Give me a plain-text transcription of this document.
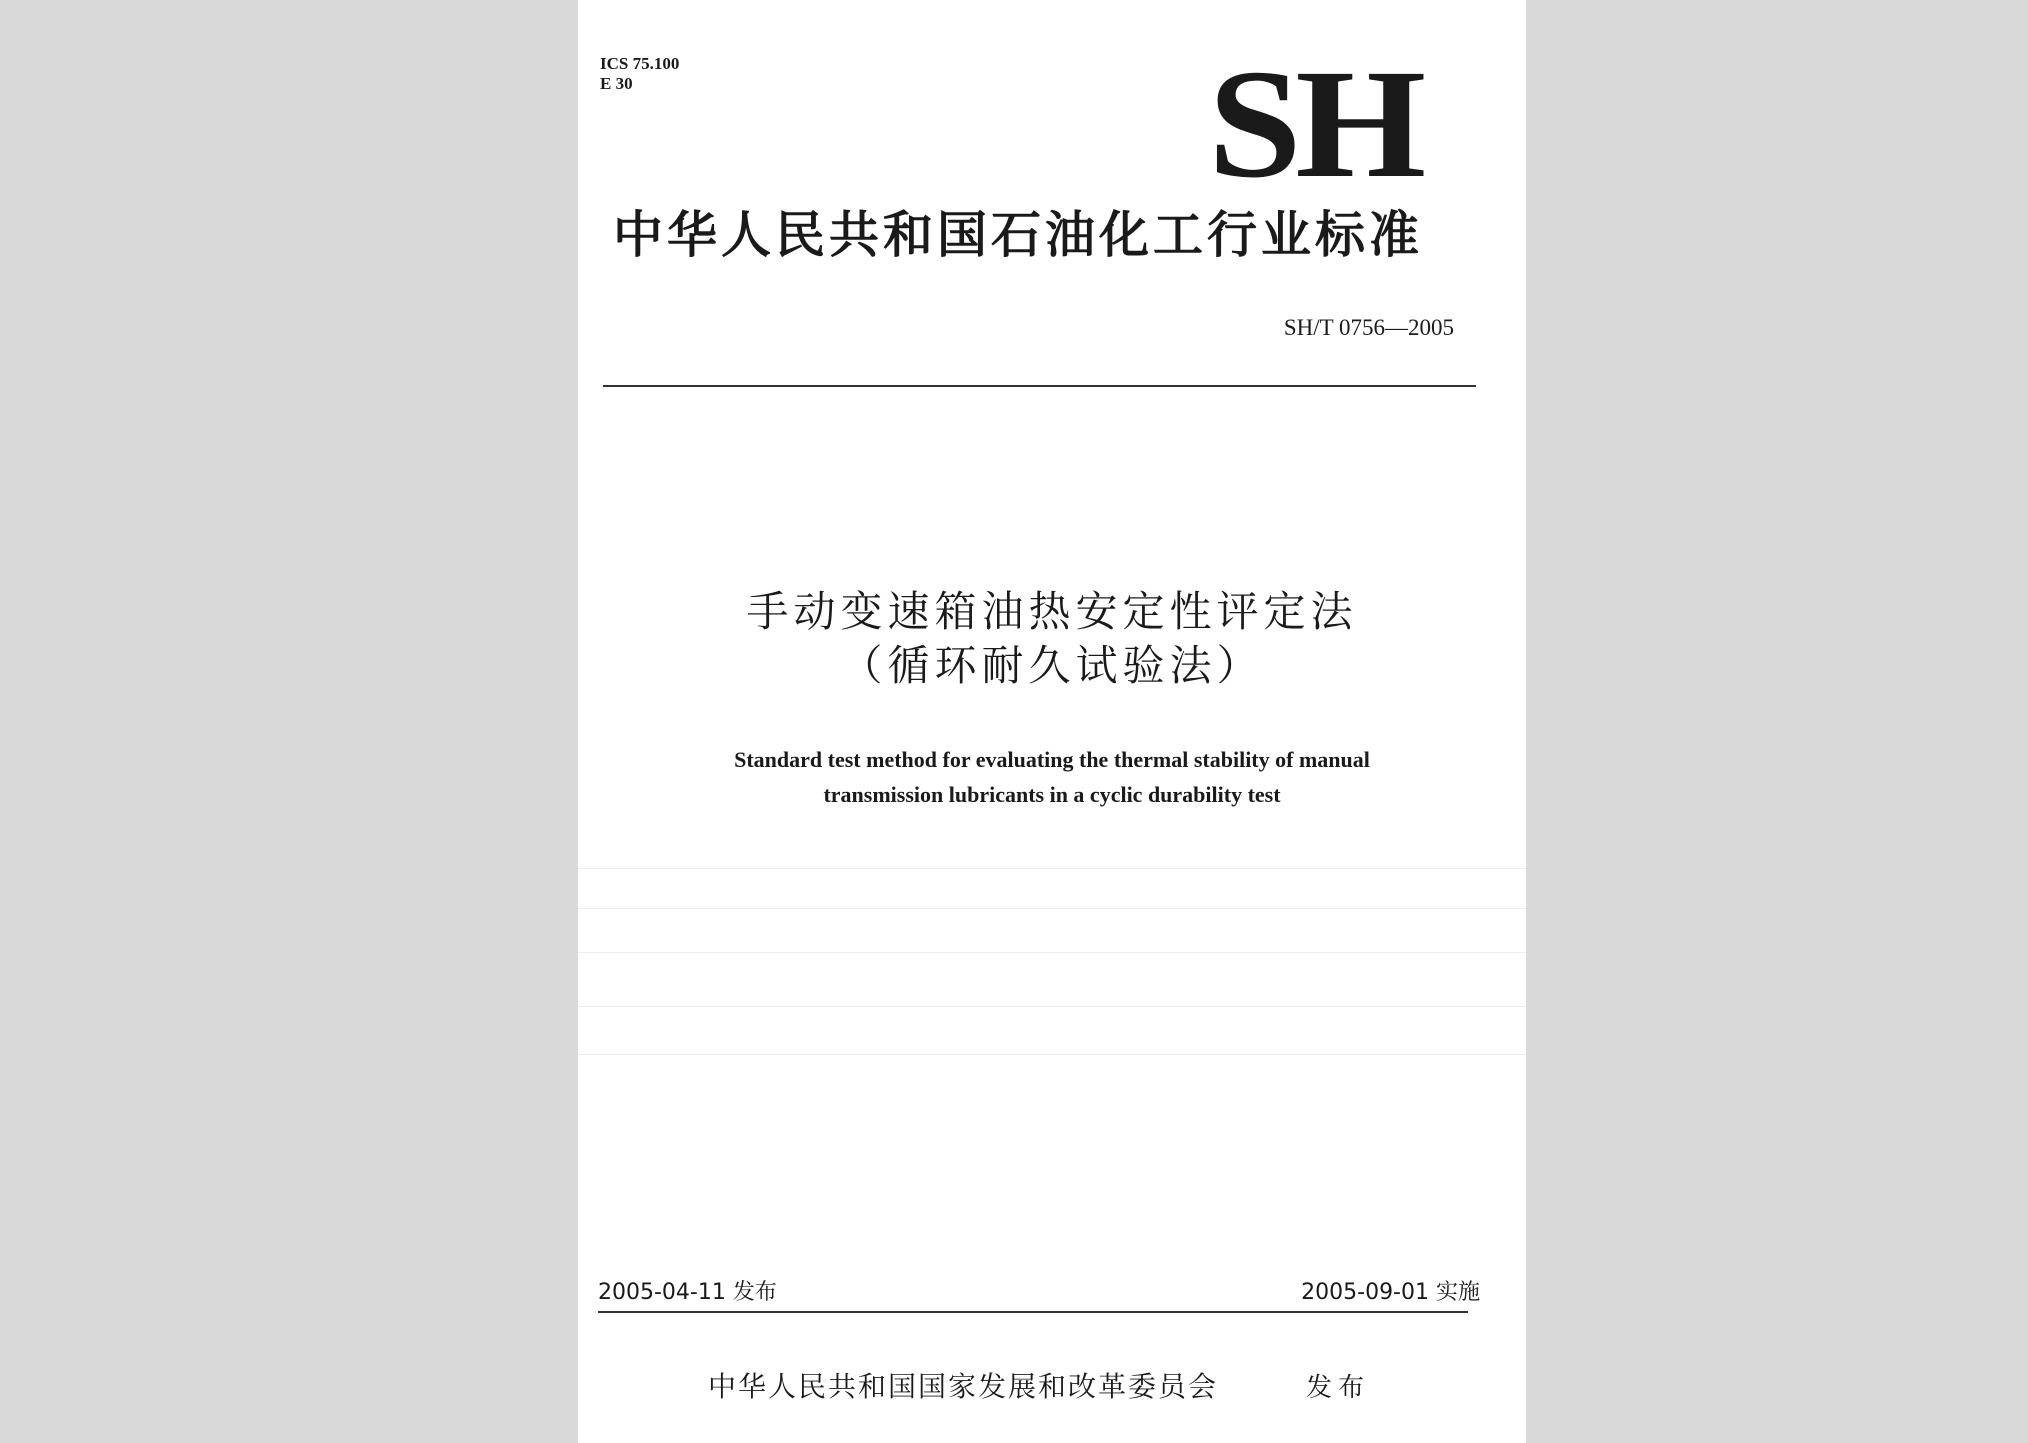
ICS 75.100
E 30	SH
中华人民共和国石油化工行业标准
SH/T 0756—2005
手动变速箱油热安定性评定法
（循环耐久试验法）
Standard test method for evaluating the thermal stability of manual
transmission lubricants in a cyclic durability test
2005-04-11 发布	2005-09-01 实施
中华人民共和国国家发展和改革委员会	发布
